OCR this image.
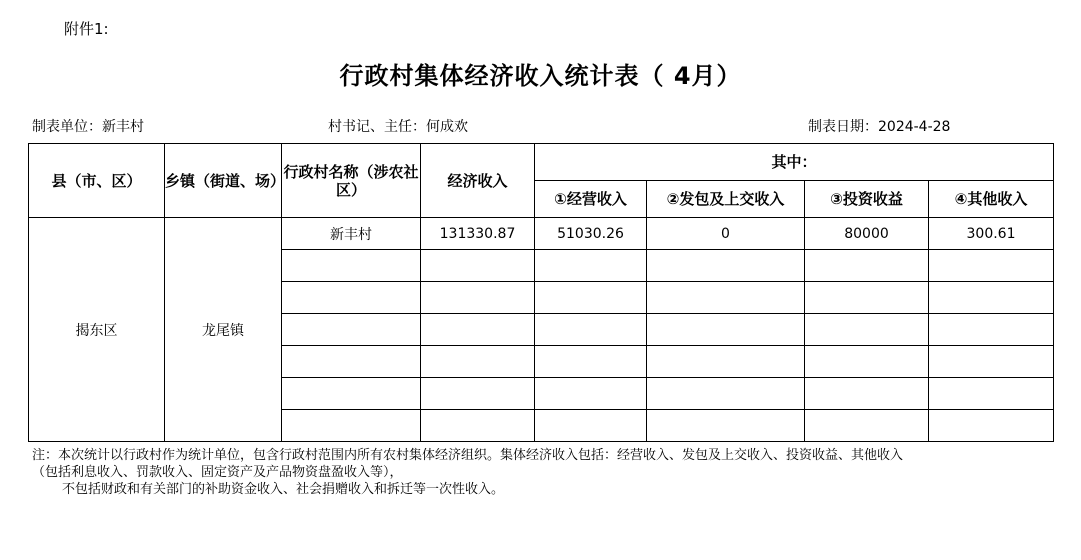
附件1:
行政村集体经济收入统计表（ 4月）
制表单位：新丰村	村书记、主任：何成欢	制表日期：2024-4-28
县（市、区）	乡镇（街道、场）	行政村名称（涉农社区）	经济收入	其中：			
				①经营收入	②发包及上交收入	③投资收益	④其他收入
揭东区	龙尾镇	新丰村	131330.87	51030.26	0	80000	300.61

注：本次统计以行政村作为统计单位，包含行政村范围内所有农村集体经济组织。集体经济收入包括：经营收入、发包及上交收入、投资收益、其他收入
（包括利息收入、罚款收入、固定资产及产品物资盘盈收入等），
不包括财政和有关部门的补助资金收入、社会捐赠收入和拆迁等一次性收入。
